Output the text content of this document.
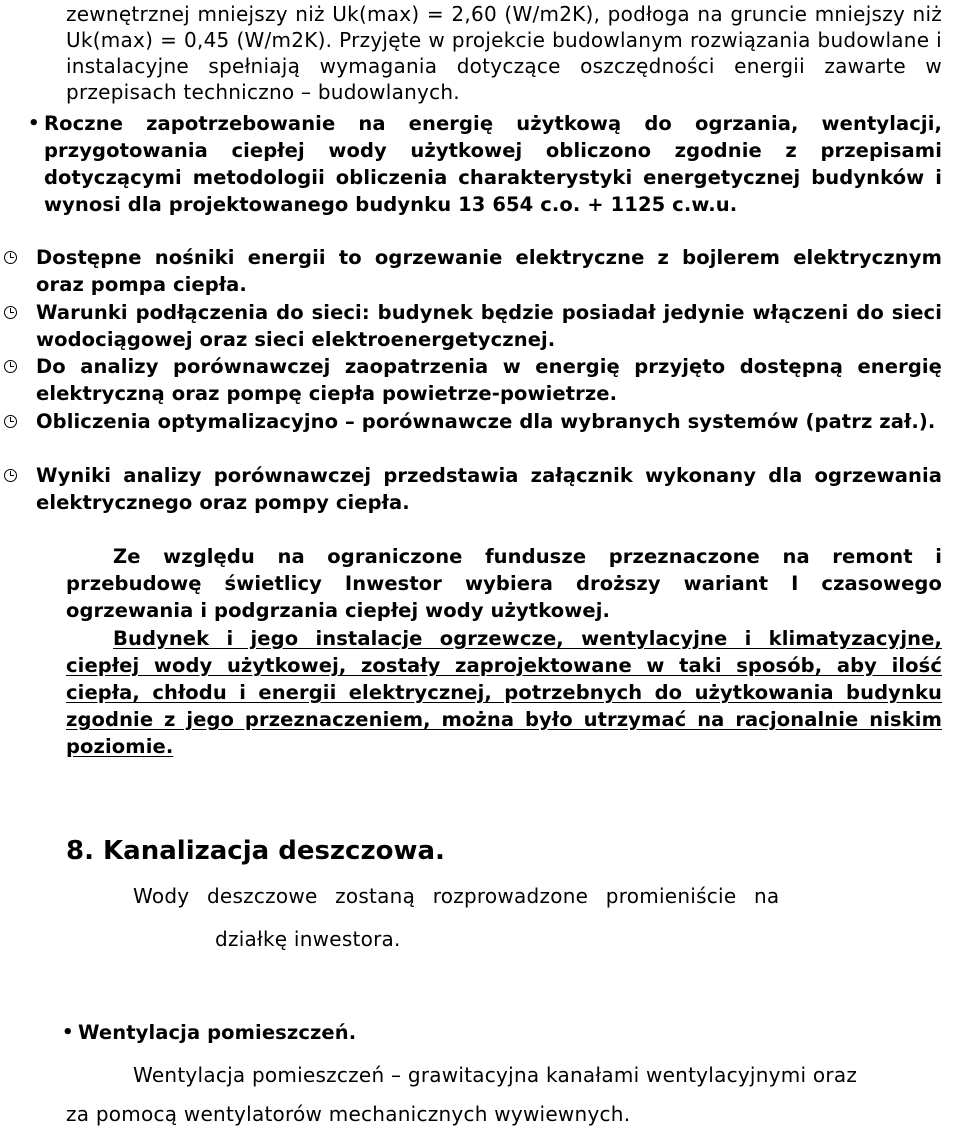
zewnętrznej mniejszy niż Uk(max) = 2,60 (W/m2K), podłoga na gruncie mniejszy niż Uk(max) = 0,45 (W/m2K). Przyjęte w projekcie budowlanym rozwiązania budowlane i instalacyjne spełniają wymagania dotyczące oszczędności energii zawarte w przepisach techniczno – budowlanych.
• Roczne zapotrzebowanie na energię użytkową do ogrzania, wentylacji, przygotowania ciepłej wody użytkowej obliczono zgodnie z przepisami dotyczącymi metodologii obliczenia charakterystyki energetycznej budynków i wynosi dla projektowanego budynku 13 654 c.o. + 1125 c.w.u.
Dostępne nośniki energii to ogrzewanie elektryczne z bojlerem elektrycznym oraz pompa ciepła.
Warunki podłączenia do sieci: budynek będzie posiadał jedynie włączeni do sieci wodociągowej oraz sieci elektroenergetycznej.
Do analizy porównawczej zaopatrzenia w energię przyjęto dostępną energię elektryczną oraz pompę ciepła powietrze-powietrze.
Obliczenia optymalizacyjno – porównawcze dla wybranych systemów (patrz zał.).
Wyniki analizy porównawczej przedstawia załącznik wykonany dla ogrzewania elektrycznego oraz pompy ciepła.
Ze względu na ograniczone fundusze przeznaczone na remont i przebudowę świetlicy Inwestor wybiera droższy wariant I czasowego ogrzewania i podgrzania ciepłej wody użytkowej.
Budynek i jego instalacje ogrzewcze, wentylacyjne i klimatyzacyjne, ciepłej wody użytkowej, zostały zaprojektowane w taki sposób, aby ilość ciepła, chłodu i energii elektrycznej, potrzebnych do użytkowania budynku zgodnie z jego przeznaczeniem, można było utrzymać na racjonalnie niskim poziomie.
8. Kanalizacja deszczowa.
Wody deszczowe zostaną rozprowadzone promieniście na
działkę inwestora.
• Wentylacja pomieszczeń.
Wentylacja pomieszczeń – grawitacyjna kanałami wentylacyjnymi oraz
za pomocą wentylatorów mechanicznych wywiewnych.
